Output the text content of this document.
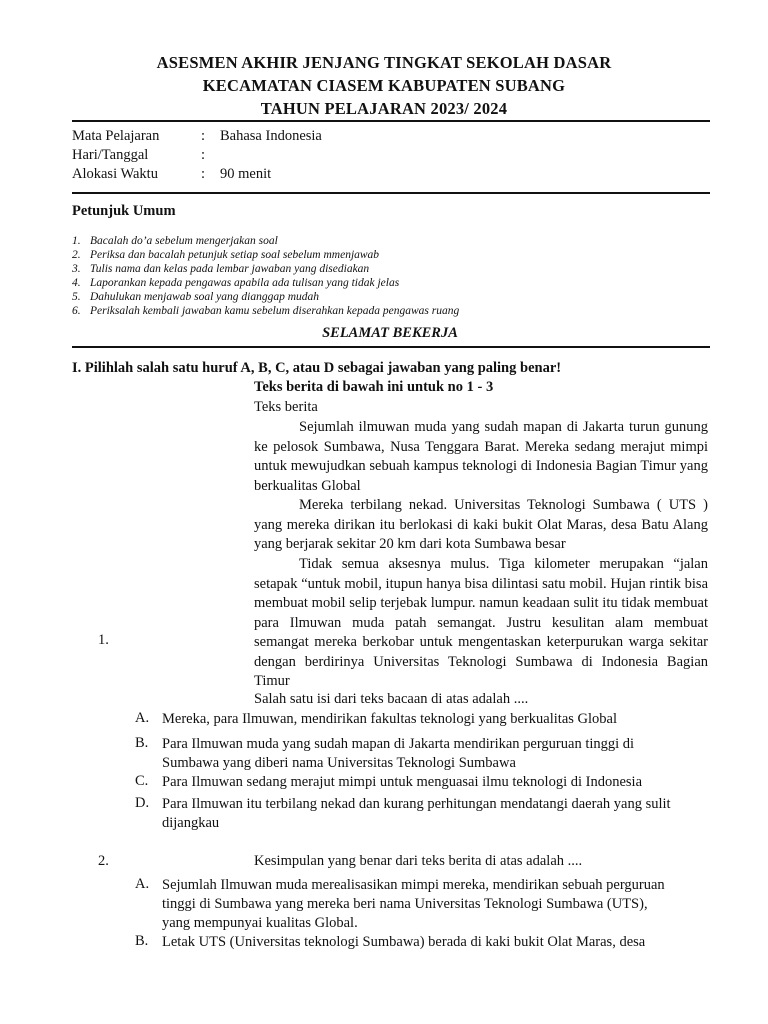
ASESMEN AKHIR JENJANG TINGKAT SEKOLAH DASAR
KECAMATAN CIASEM KABUPATEN SUBANG
TAHUN PELAJARAN 2023/ 2024
Mata Pelajaran	: Bahasa Indonesia
Hari/Tanggal	:
Alokasi Waktu	: 90 menit
Petunjuk Umum
1. Bacalah do’a sebelum mengerjakan soal
2. Periksa dan bacalah petunjuk setiap soal sebelum mmenjawab
3. Tulis nama dan kelas pada lembar jawaban yang disediakan
4. Laporankan kepada pengawas apabila ada tulisan yang tidak jelas
5. Dahulukan menjawab soal yang dianggap mudah
6. Periksalah kembali jawaban kamu sebelum diserahkan kepada pengawas ruang
SELAMAT BEKERJA
I. Pilihlah salah satu huruf A, B, C, atau D sebagai jawaban yang paling benar!
Teks berita di bawah ini untuk no 1 - 3
Teks berita
Sejumlah ilmuwan muda yang sudah mapan di Jakarta turun gunung ke pelosok Sumbawa, Nusa Tenggara Barat. Mereka sedang merajut mimpi untuk mewujudkan sebuah kampus teknologi di Indonesia Bagian Timur yang berkualitas Global
Mereka terbilang nekad. Universitas Teknologi Sumbawa ( UTS ) yang mereka dirikan itu berlokasi di kaki bukit Olat Maras, desa Batu Alang yang berjarak sekitar 20 km dari kota Sumbawa besar
Tidak semua aksesnya mulus. Tiga kilometer merupakan “jalan setapak “untuk mobil, itupun hanya bisa dilintasi satu mobil. Hujan rintik bisa membuat mobil selip terjebak lumpur. namun keadaan sulit itu tidak membuat para Ilmuwan muda patah semangat. Justru kesulitan alam membuat semangat mereka berkobar untuk mengentaskan keterpurukan warga sekitar dengan berdirinya Universitas Teknologi Sumbawa di Indonesia Bagian Timur
1.
Salah satu isi dari teks bacaan di atas adalah ....
A. Mereka, para Ilmuwan, mendirikan fakultas teknologi yang berkualitas Global
B. Para Ilmuwan muda yang sudah mapan di Jakarta mendirikan perguruan tinggi di
Sumbawa yang diberi nama Universitas Teknologi Sumbawa
C. Para Ilmuwan sedang merajut mimpi untuk menguasai ilmu teknologi di Indonesia
D. Para Ilmuwan itu terbilang nekad dan kurang perhitungan mendatangi daerah yang sulit
dijangkau
2.	Kesimpulan yang benar dari teks berita di atas adalah ....
A. Sejumlah Ilmuwan muda merealisasikan mimpi mereka, mendirikan sebuah perguruan
tinggi di Sumbawa yang mereka beri nama Universitas Teknologi Sumbawa (UTS),
yang mempunyai kualitas Global.
B. Letak UTS (Universitas teknologi Sumbawa) berada di kaki bukit Olat Maras, desa
